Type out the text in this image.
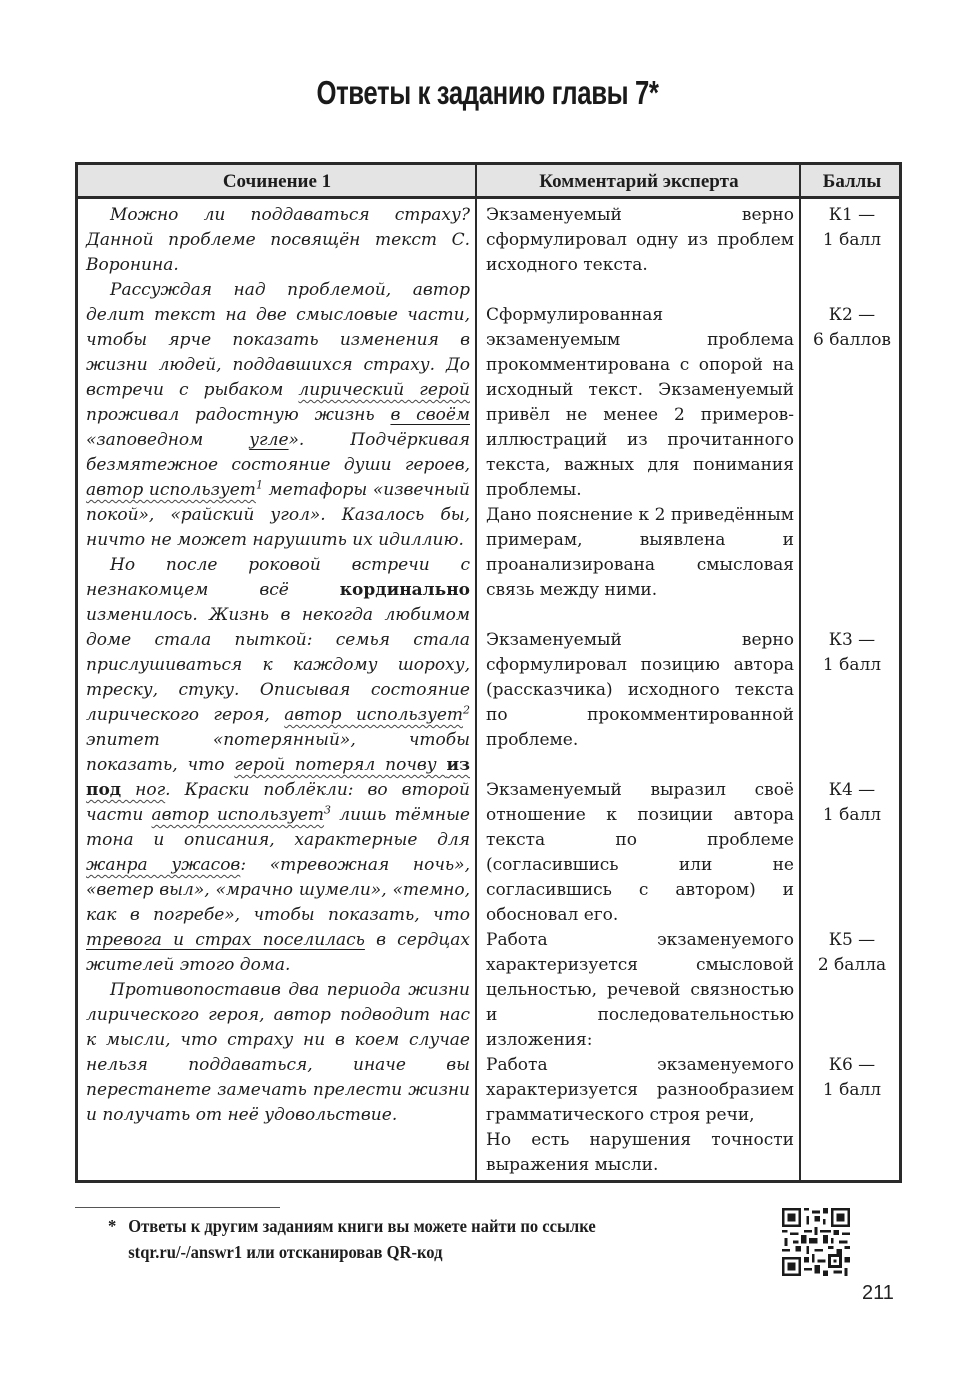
Ответы к заданию главы 7*
Сочинение 1	Комментарий эксперта	Баллы

Можно ли поддаваться страху? Данной проблеме посвящён текст С. Воронина.

Рассуждая над проблемой, автор делит текст на две смысловые части, чтобы ярче показать изменения в жизни людей, поддавшихся страху. До встречи с рыбаком лирический герой проживал радостную жизнь в своём «заповедном угле». Подчёркивая безмятежное состояние души героев, автор использует$^1$ метафоры «извечный покой», «райский угол». Казалось бы, ничто не может нарушить их идиллию.

Но после роковой встречи с незнакомцем всё кординально изменилось. Жизнь в некогда любимом доме стала пыткой: семья стала прислушиваться к каждому шороху, треску, стуку. Описывая состояние лирического героя, автор использует$^2$ эпитет «потерянный», чтобы показать, что герой потерял почву из под ног. Краски поблёкли: во второй части автор использует$^3$ лишь тёмные тона и описания, характерные для жанра ужасов: «тревожная ночь», «ветер выл», «мрачно шумели», «темно, как в погребе», чтобы показать, что тревога и страх поселилась в сердцах жителей этого дома.

Противопоставив два периода жизни лирического героя, автор подводит нас к мысли, что страху ни в коем случае нельзя поддаваться, иначе вы перестанете замечать прелести жизни и получать от неё удовольствие.

Экзаменуемый верно сформулировал одну из проблем исходного текста.

Сформулированная экзаменуемым проблема прокомментирована с опорой на исходный текст. Экзаменуемый привёл не менее 2 примеров-иллюстраций из прочитанного текста, важных для понимания проблемы.

Дано пояснение к 2 приведённым примерам, выявлена и проанализирована смысловая связь между ними.

Экзаменуемый верно сформулировал позицию автора (рассказчика) исходного текста по прокомментированной проблеме.

Экзаменуемый выразил своё отношение к позиции автора текста по проблеме (согласившись или не согласившись с автором) и обосновал его.

Работа экзаменуемого характеризуется смысловой цельностью, речевой связностью и последовательностью изложения:

Работа экзаменуемого характеризуется разнообразием грамматического строя речи,

Но есть нарушения точности выражения мысли.

К1 —
1 балл
К2 —
6 баллов
К3 —
1 балл
К4 —
1 балл
К5 —
2 балла
К6 —
1 балл
* Ответы к другим заданиям книги вы можете найти по ссылке
stqr.ru/-/answr1 или отсканировав QR-код
211
